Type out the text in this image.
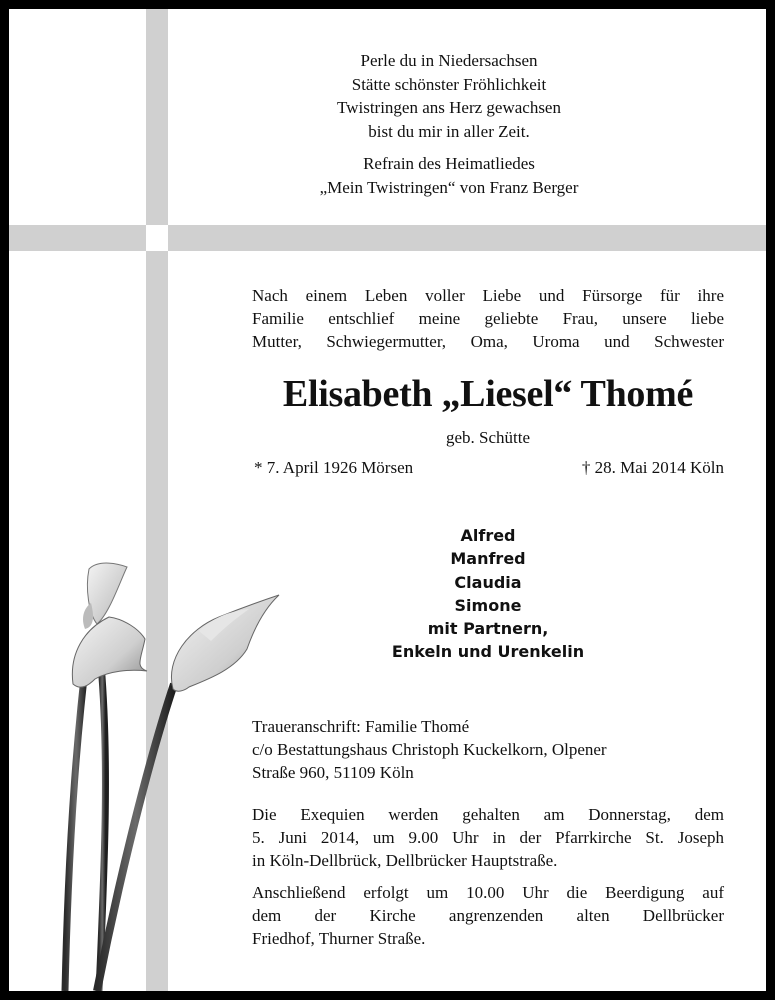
Perle du in Niedersachsen
Stätte schönster Fröhlichkeit
Twistringen ans Herz gewachsen
bist du mir in aller Zeit.
Refrain des Heimatliedes
„Mein Twistringen“ von Franz Berger
Nach einem Leben voller Liebe und Fürsorge für ihre
Familie entschlief meine geliebte Frau, unsere liebe
Mutter, Schwiegermutter, Oma, Uroma und Schwester
Elisabeth „Liesel“ Thomé
geb. Schütte
* 7. April 1926 Mörsen	† 28. Mai 2014 Köln
Alfred
Manfred
Claudia
Simone
mit Partnern,
Enkeln und Urenkelin
Traueranschrift: Familie Thomé
c/o Bestattungshaus Christoph Kuckelkorn, Olpener
Straße 960, 51109 Köln
Die Exequien werden gehalten am Donnerstag, dem
5. Juni 2014, um 9.00 Uhr in der Pfarrkirche St. Joseph
in Köln-Dellbrück, Dellbrücker Hauptstraße.
Anschließend erfolgt um 10.00 Uhr die Beerdigung auf
dem der Kirche angrenzenden alten Dellbrücker
Friedhof, Thurner Straße.
